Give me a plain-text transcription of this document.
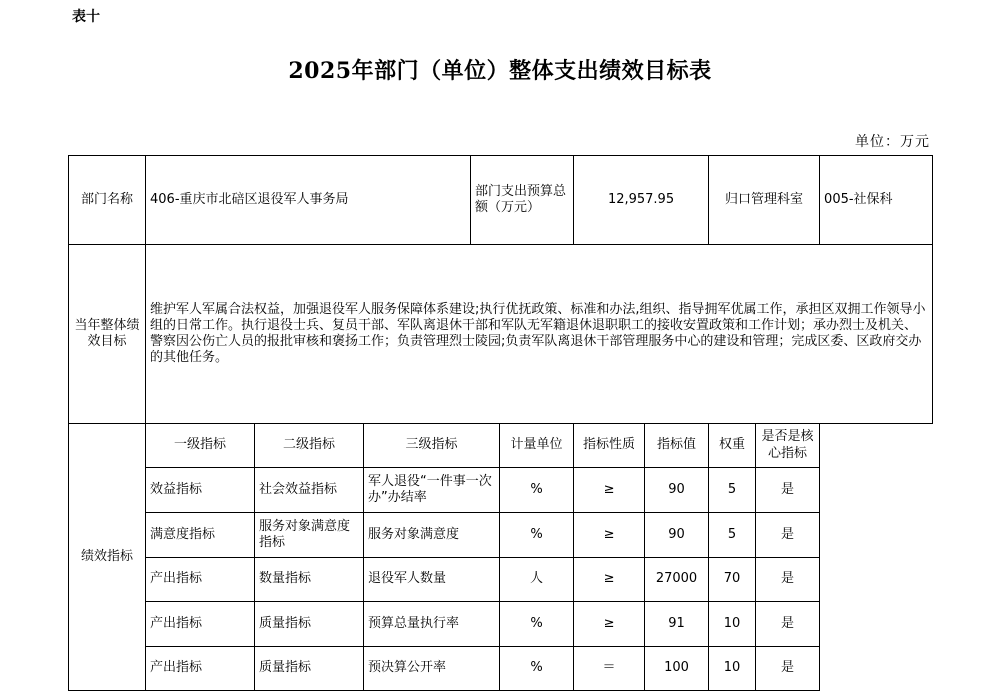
表十
2025年部门（单位）整体支出绩效目标表
单位：万元
部门名称	406-重庆市北碚区退役军人事务局			部门支出预算总额（万元）		12,957.95		归口管理科室		005-社保科
当年整体绩效目标	维护军人军属合法权益，加强退役军人服务保障体系建设;执行优抚政策、标准和办法,组织、指导拥军优属工作，承担区双拥工作领导小组的日常工作。执行退役士兵、复员干部、军队离退休干部和军队无军籍退休退职职工的接收安置政策和工作计划；承办烈士及机关、警察因公伤亡人员的报批审核和褒扬工作；负责管理烈士陵园;负责军队离退休干部管理服务中心的建设和管理；完成区委、区政府交办的其他任务。									
绩效指标	一级指标	二级指标	三级指标		计量单位	指标性质	指标值	权重	是否是核心指标	
	效益指标	社会效益指标	军人退役“一件事一次办”办结率		%	≥	90	5	是	
	满意度指标	服务对象满意度指标	服务对象满意度		%	≥	90	5	是	
	产出指标	数量指标	退役军人数量		人	≥	27000	70	是	
	产出指标	质量指标	预算总量执行率		%	≥	91	10	是	
	产出指标	质量指标	预决算公开率		%	＝	100	10	是	
